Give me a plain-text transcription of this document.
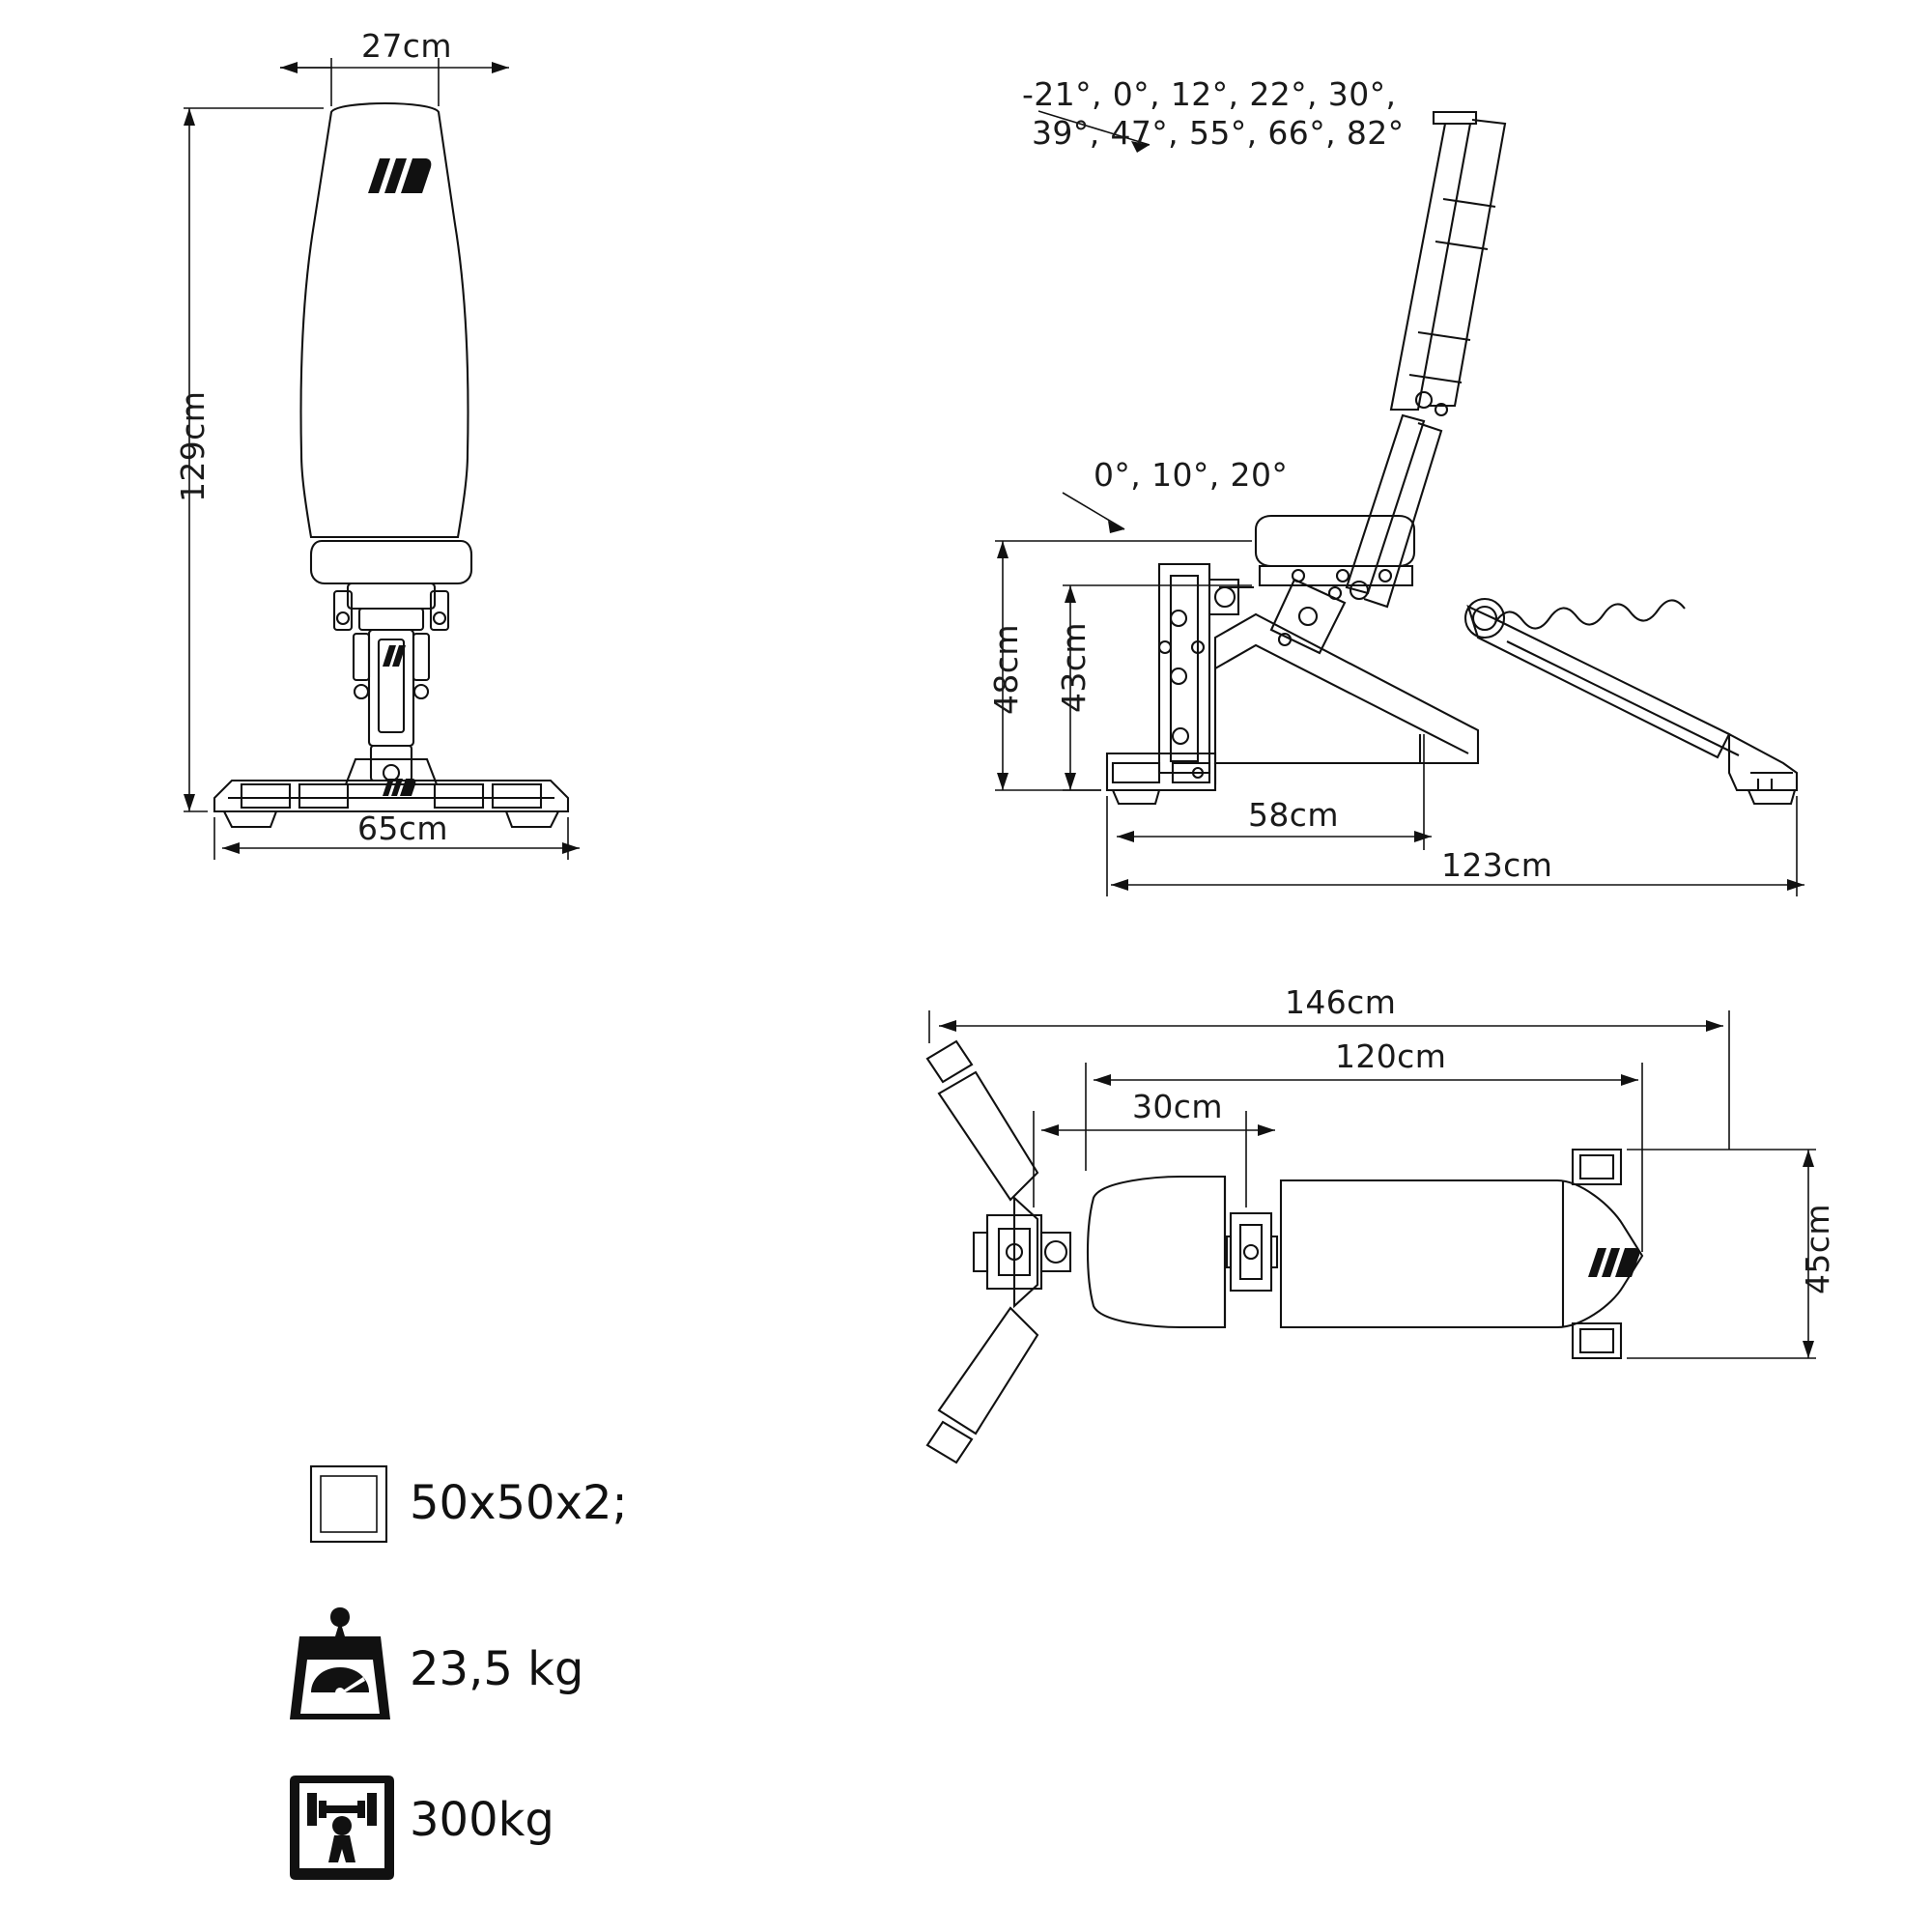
27cm
129cm
65cm
-21°, 0°, 12°, 22°, 30°,
39°, 47°, 55°, 66°, 82°
0°, 10°, 20°
48cm 43cm
58cm
123cm
146cm
120cm
30cm
45cm
50x50x2;
23,5 kg
300kg
